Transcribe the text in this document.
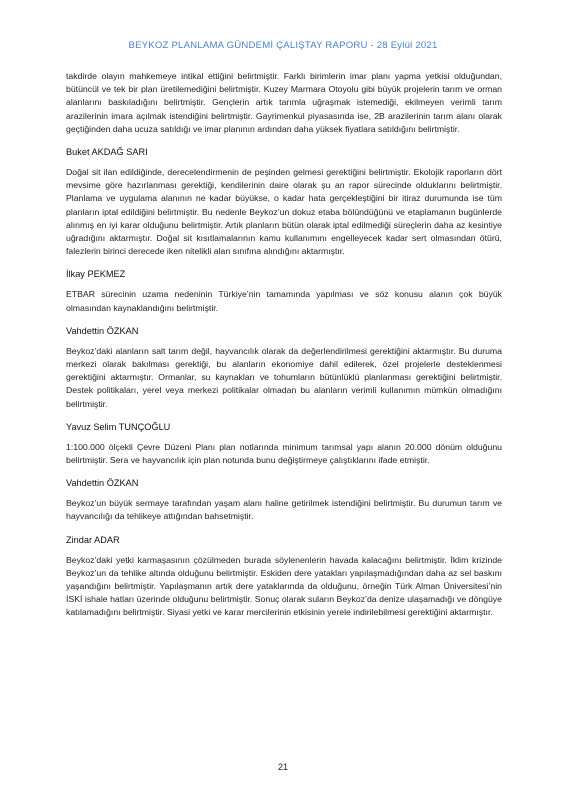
BEYKOZ PLANLAMA GÜNDEMİ ÇALIŞTAY RAPORU - 28 Eylül 2021

takdirde olayın mahkemeye intikal ettiğini belirtmiştir. Farklı birimlerin imar planı yapma yetkisi olduğundan, bütüncül ve tek bir plan üretilemediğini belirtmiştir. Kuzey Marmara Otoyolu gibi büyük projelerin tarım ve orman alanlarını baskıladığını belirtmiştir. Gençlerin artık tarımla uğraşmak istemediği, ekilmeyen verimli tarım arazilerinin imara açılmak istendiğini belirtmiştir. Gayrimenkul piyasasında ise, 2B arazilerinin tarım alanı olarak geçtiğinden daha ucuza satıldığı ve imar planının ardından daha yüksek fiyatlara satıldığını belirtmiştir.

Buket AKDAĞ SARI

Doğal sit ilan edildiğinde, derecelendirmenin de peşinden gelmesi gerektiğini belirtmiştir. Ekolojik raporların dört mevsime göre hazırlanması gerektiği, kendilerinin daire olarak şu an rapor sürecinde olduklarını belirtmiştir. Planlama ve uygulama alanının ne kadar büyükse, o kadar hata gerçekleştiğini bir itiraz durumunda ise tüm planların iptal edildiğini belirtmiştir. Bu nedenle Beykoz’un dokuz etaba bölündüğünü ve etaplamanın bugünlerde alınmış en iyi karar olduğunu belirtmiştir. Artık planların bütün olarak iptal edilmediği süreçlerin daha az kesintiye uğradığını aktarmıştır. Doğal sit kısıtlamalarının kamu kullanımını engelleyecek kadar sert olmasından ötürü, falezlerin birinci derecede iken nitelikli alan sınıfına alındığını aktarmıştır.

İlkay PEKMEZ

ETBAR sürecinin uzama nedeninin Türkiye’nin tamamında yapılması ve söz konusu alanın çok büyük olmasından kaynaklandığını belirtmiştir.

Vahdettin ÖZKAN

Beykoz’daki alanların salt tarım değil, hayvancılık olarak da değerlendirilmesi gerektiğini aktarmıştır. Bu duruma merkezi olarak bakılması gerektiği, bu alanların ekonomiye dahil edilerek, özel projelerle desteklenmesi gerektiğini aktarmıştır. Ormanlar, su kaynakları ve tohumların bütünlüklü planlanması gerektiğini belirtmiştir. Destek politikaları, yerel veya merkezi politikalar olmadan bu alanların verimli kullanımın mümkün olmadığını belirtmiştir.

Yavuz Selim TUNÇOĞLU

1:100.000 ölçekli Çevre Düzeni Planı plan notlarında minimum tarımsal yapı alanın 20.000 dönüm olduğunu belirtmiştir. Sera ve hayvancılık için plan notunda bunu değiştirmeye çalıştıklarını ifade etmiştir.

Vahdettin ÖZKAN

Beykoz’un büyük sermaye tarafından yaşam alanı haline getirilmek istendiğini belirtmiştir. Bu durumun tarım ve hayvancılığı da tehlikeye attığından bahsetmiştir.

Zindar ADAR

Beykoz’daki yetki karmaşasının çözülmeden burada söylenenlerin havada kalacağını belirtmiştir. İklim krizinde Beykoz’un da tehlike altında olduğunu belirtmiştir. Eskiden dere yatakları yapılaşmadığından daha az sel baskını yaşandığını belirtmiştir. Yapılaşmanın artık dere yataklarında da olduğunu, örneğin Türk Alman Üniversitesi’nin İSKİ ishale hatları üzerinde olduğunu belirtmiştir. Sonuç olarak suların Beykoz’da denize ulaşamadığı ve döngüye katılamadığını belirtmiştir. Siyasi yetki ve karar mercilerinin etkisinin yerele indirilebilmesi gerektiğini aktarmıştır.

21
